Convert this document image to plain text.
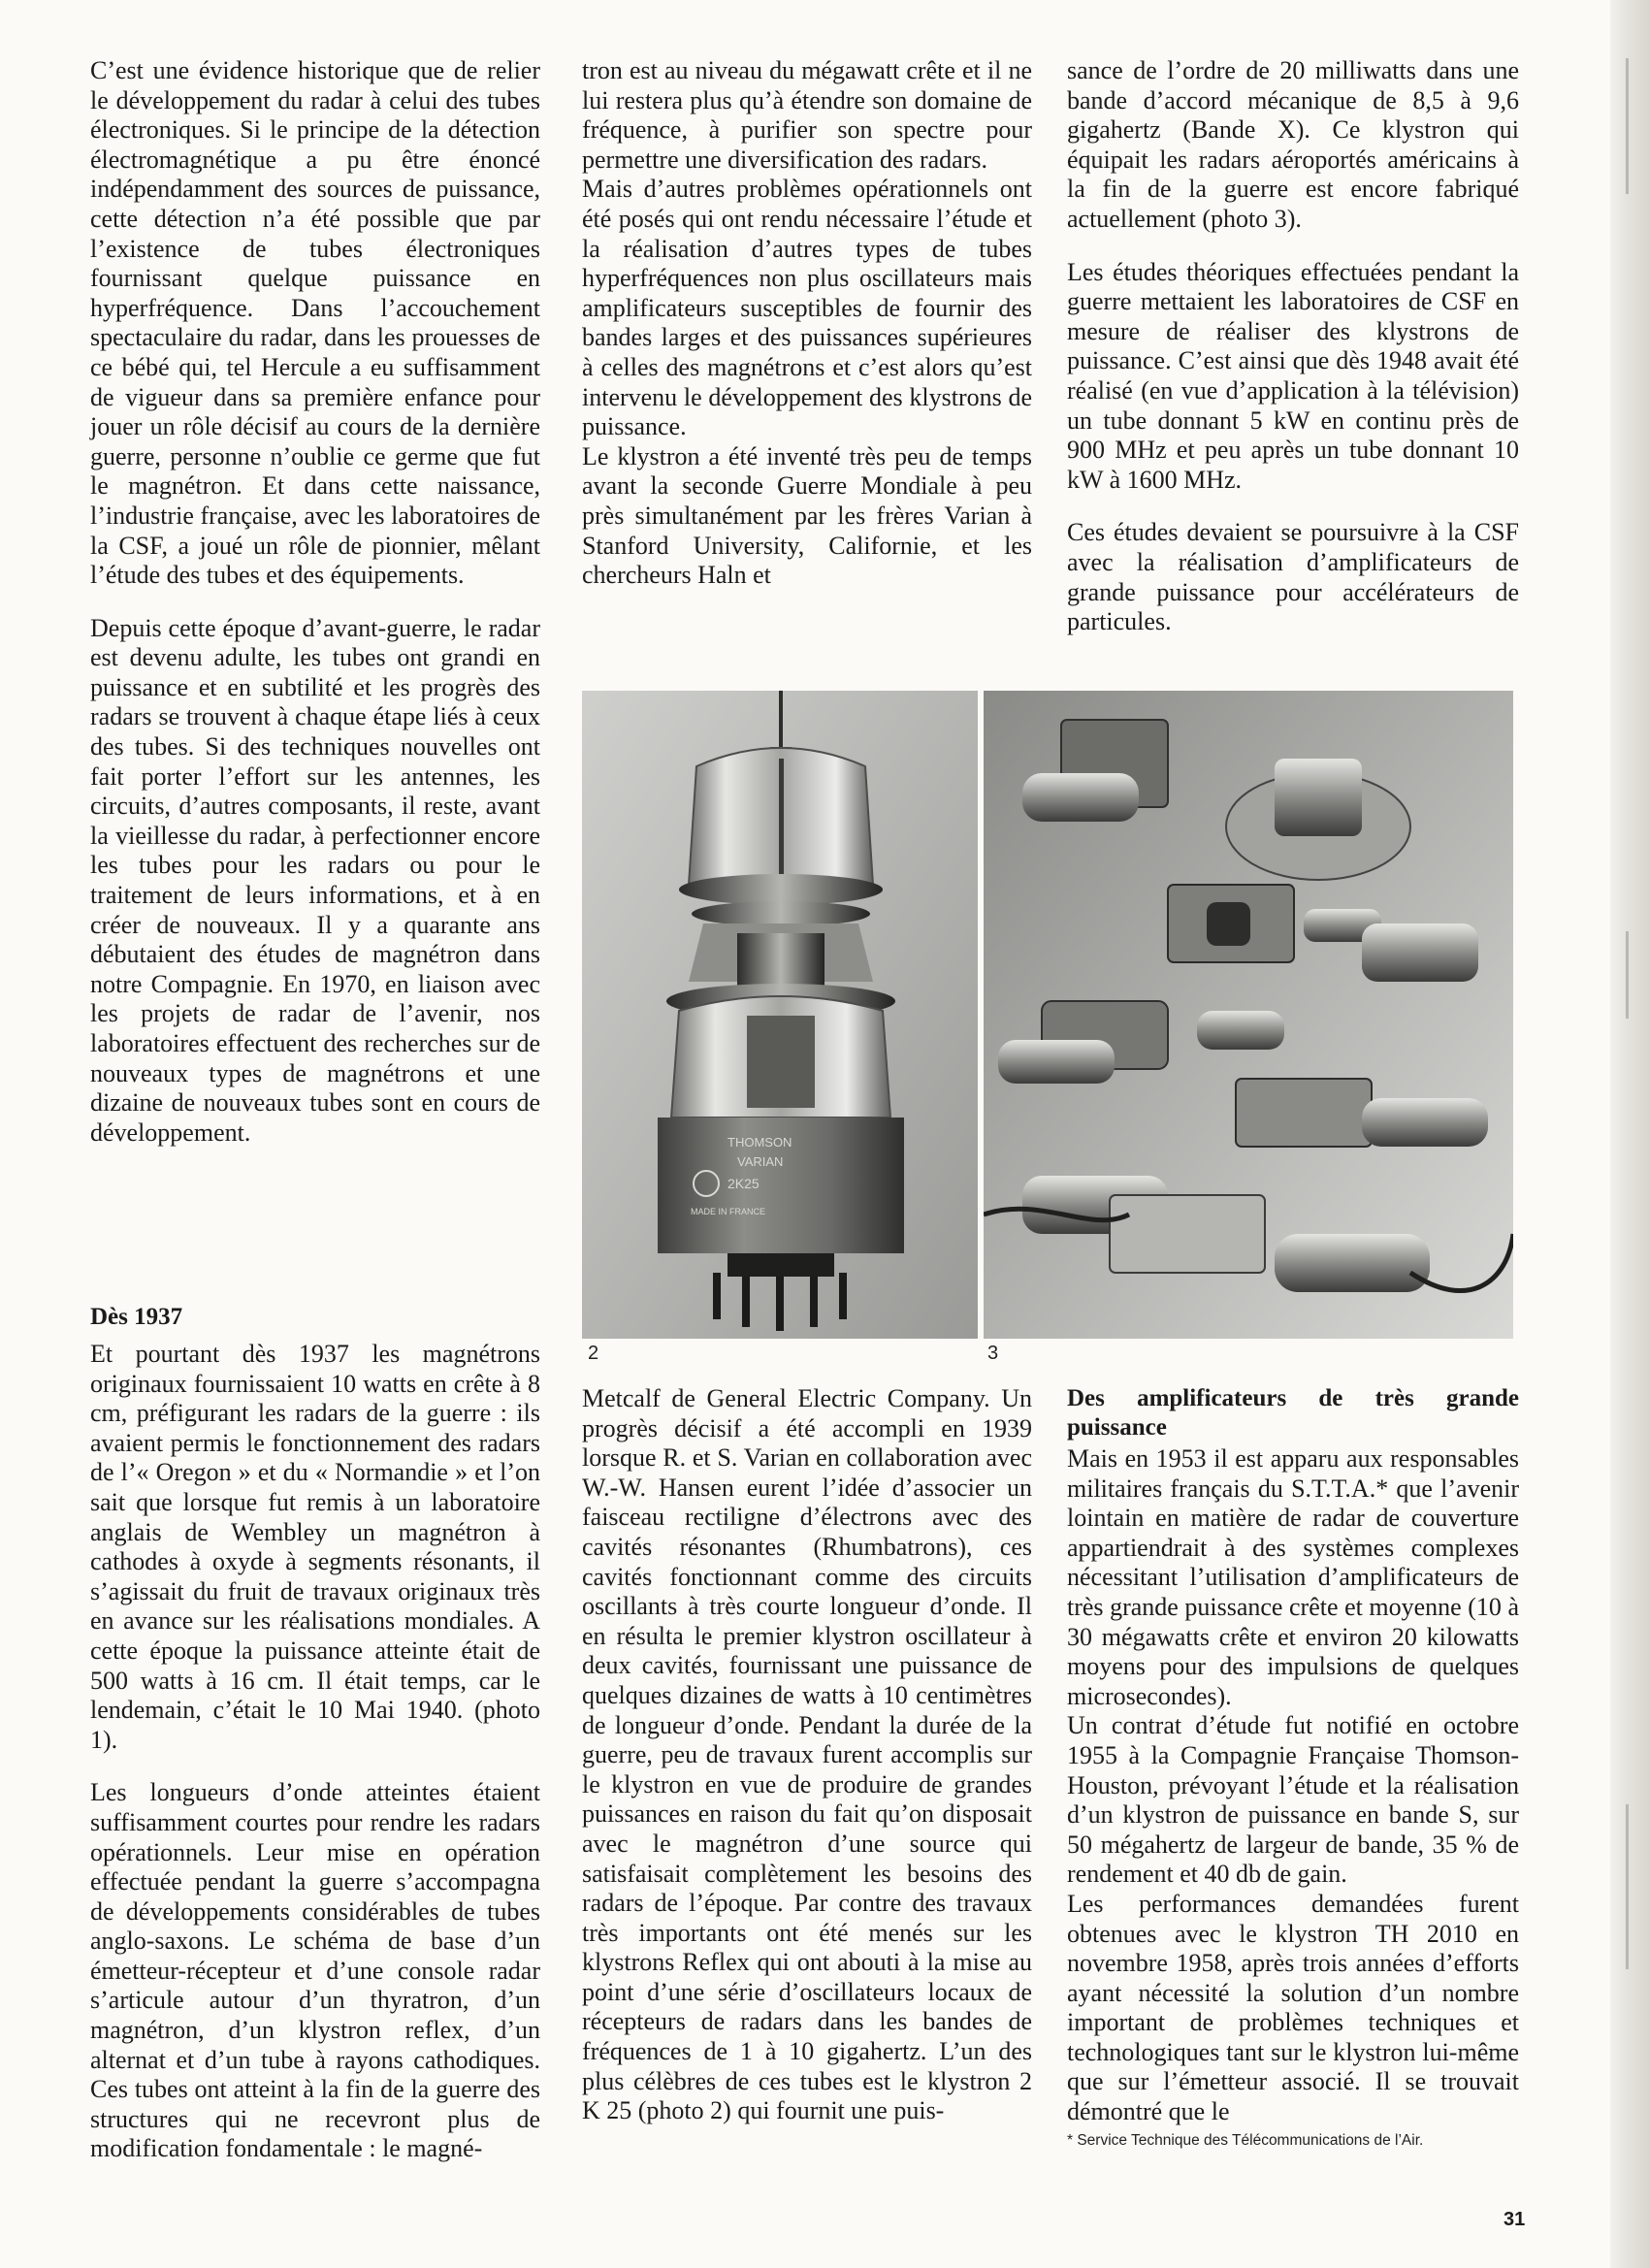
C’est une évidence historique que de relier le développement du radar à celui des tubes électroniques. Si le principe de la détection électromagnétique a pu être énoncé indépendamment des sources de puissance, cette détection n’a été possible que par l’existence de tubes électroniques fournissant quelque puissance en hyperfréquence. Dans l’accouchement spectaculaire du radar, dans les prouesses de ce bébé qui, tel Hercule a eu suffisamment de vigueur dans sa première enfance pour jouer un rôle décisif au cours de la dernière guerre, personne n’oublie ce germe que fut le magnétron. Et dans cette naissance, l’industrie française, avec les laboratoires de la CSF, a joué un rôle de pionnier, mêlant l’étude des tubes et des équipements.

Depuis cette époque d’avant-guerre, le radar est devenu adulte, les tubes ont grandi en puissance et en subtilité et les progrès des radars se trouvent à chaque étape liés à ceux des tubes. Si des techniques nouvelles ont fait porter l’effort sur les antennes, les circuits, d’autres composants, il reste, avant la vieillesse du radar, à perfectionner encore les tubes pour les radars ou pour le traitement de leurs informations, et à en créer de nouveaux. Il y a quarante ans débutaient des études de magnétron dans notre Compagnie. En 1970, en liaison avec les projets de radar de l’avenir, nos laboratoires effectuent des recherches sur de nouveaux types de magnétrons et une dizaine de nouveaux tubes sont en cours de développement.

tron est au niveau du mégawatt crête et il ne lui restera plus qu’à étendre son domaine de fréquence, à purifier son spectre pour permettre une diversification des radars.

Mais d’autres problèmes opérationnels ont été posés qui ont rendu nécessaire l’étude et la réalisation d’autres types de tubes hyperfréquences non plus oscillateurs mais amplificateurs susceptibles de fournir des bandes larges et des puissances supérieures à celles des magnétrons et c’est alors qu’est intervenu le développement des klystrons de puissance.

Le klystron a été inventé très peu de temps avant la seconde Guerre Mondiale à peu près simultanément par les frères Varian à Stanford University, Californie, et les chercheurs Haln et

sance de l’ordre de 20 milliwatts dans une bande d’accord mécanique de 8,5 à 9,6 gigahertz (Bande X). Ce klystron qui équipait les radars aéroportés américains à la fin de la guerre est encore fabriqué actuellement (photo 3).

Les études théoriques effectuées pendant la guerre mettaient les laboratoires de CSF en mesure de réaliser des klystrons de puissance. C’est ainsi que dès 1948 avait été réalisé (en vue d’application à la télévision) un tube donnant 5 kW en continu près de 900 MHz et peu après un tube donnant 10 kW à 1600 MHz.

Ces études devaient se poursuivre à la CSF avec la réalisation d’amplificateurs de grande puissance pour accélérateurs de particules.

THOMSON
VARIAN
2K25
MADE IN FRANCE
2	3
Dès 1937

Et pourtant dès 1937 les magnétrons originaux fournissaient 10 watts en crête à 8 cm, préfigurant les radars de la guerre : ils avaient permis le fonctionnement des radars de l’« Oregon » et du « Normandie » et l’on sait que lorsque fut remis à un laboratoire anglais de Wembley un magnétron à cathodes à oxyde à segments résonants, il s’agissait du fruit de travaux originaux très en avance sur les réalisations mondiales. A cette époque la puissance atteinte était de 500 watts à 16 cm. Il était temps, car le lendemain, c’était le 10 Mai 1940. (photo 1).

Les longueurs d’onde atteintes étaient suffisamment courtes pour rendre les radars opérationnels. Leur mise en opération effectuée pendant la guerre s’accompagna de développements considérables de tubes anglo-saxons. Le schéma de base d’un émetteur-récepteur et d’une console radar s’articule autour d’un thyratron, d’un magnétron, d’un klystron reflex, d’un alternat et d’un tube à rayons cathodiques. Ces tubes ont atteint à la fin de la guerre des structures qui ne recevront plus de modification fondamentale : le magné-

Metcalf de General Electric Company. Un progrès décisif a été accompli en 1939 lorsque R. et S. Varian en collaboration avec W.-W. Hansen eurent l’idée d’associer un faisceau rectiligne d’électrons avec des cavités résonantes (Rhumbatrons), ces cavités fonctionnant comme des circuits oscillants à très courte longueur d’onde. Il en résulta le premier klystron oscillateur à deux cavités, fournissant une puissance de quelques dizaines de watts à 10 centimètres de longueur d’onde. Pendant la durée de la guerre, peu de travaux furent accomplis sur le klystron en vue de produire de grandes puissances en raison du fait qu’on disposait avec le magnétron d’une source qui satisfaisait complètement les besoins des radars de l’époque. Par contre des travaux très importants ont été menés sur les klystrons Reflex qui ont abouti à la mise au point d’une série d’oscillateurs locaux de récepteurs de radars dans les bandes de fréquences de 1 à 10 gigahertz. L’un des plus célèbres de ces tubes est le klystron 2 K 25 (photo 2) qui fournit une puis-

Des amplificateurs de très grande puissance

Mais en 1953 il est apparu aux responsables militaires français du S.T.T.A.* que l’avenir lointain en matière de radar de couverture appartiendrait à des systèmes complexes nécessitant l’utilisation d’amplificateurs de très grande puissance crête et moyenne (10 à 30 mégawatts crête et environ 20 kilowatts moyens pour des impulsions de quelques microsecondes).

Un contrat d’étude fut notifié en octobre 1955 à la Compagnie Française Thomson-Houston, prévoyant l’étude et la réalisation d’un klystron de puissance en bande S, sur 50 mégahertz de largeur de bande, 35 % de rendement et 40 db de gain.

Les performances demandées furent obtenues avec le klystron TH 2010 en novembre 1958, après trois années d’efforts ayant nécessité la solution d’un nombre important de problèmes techniques et technologiques tant sur le klystron lui-même que sur l’émetteur associé. Il se trouvait démontré que le

* Service Technique des Télécommunications de l’Air.
31
